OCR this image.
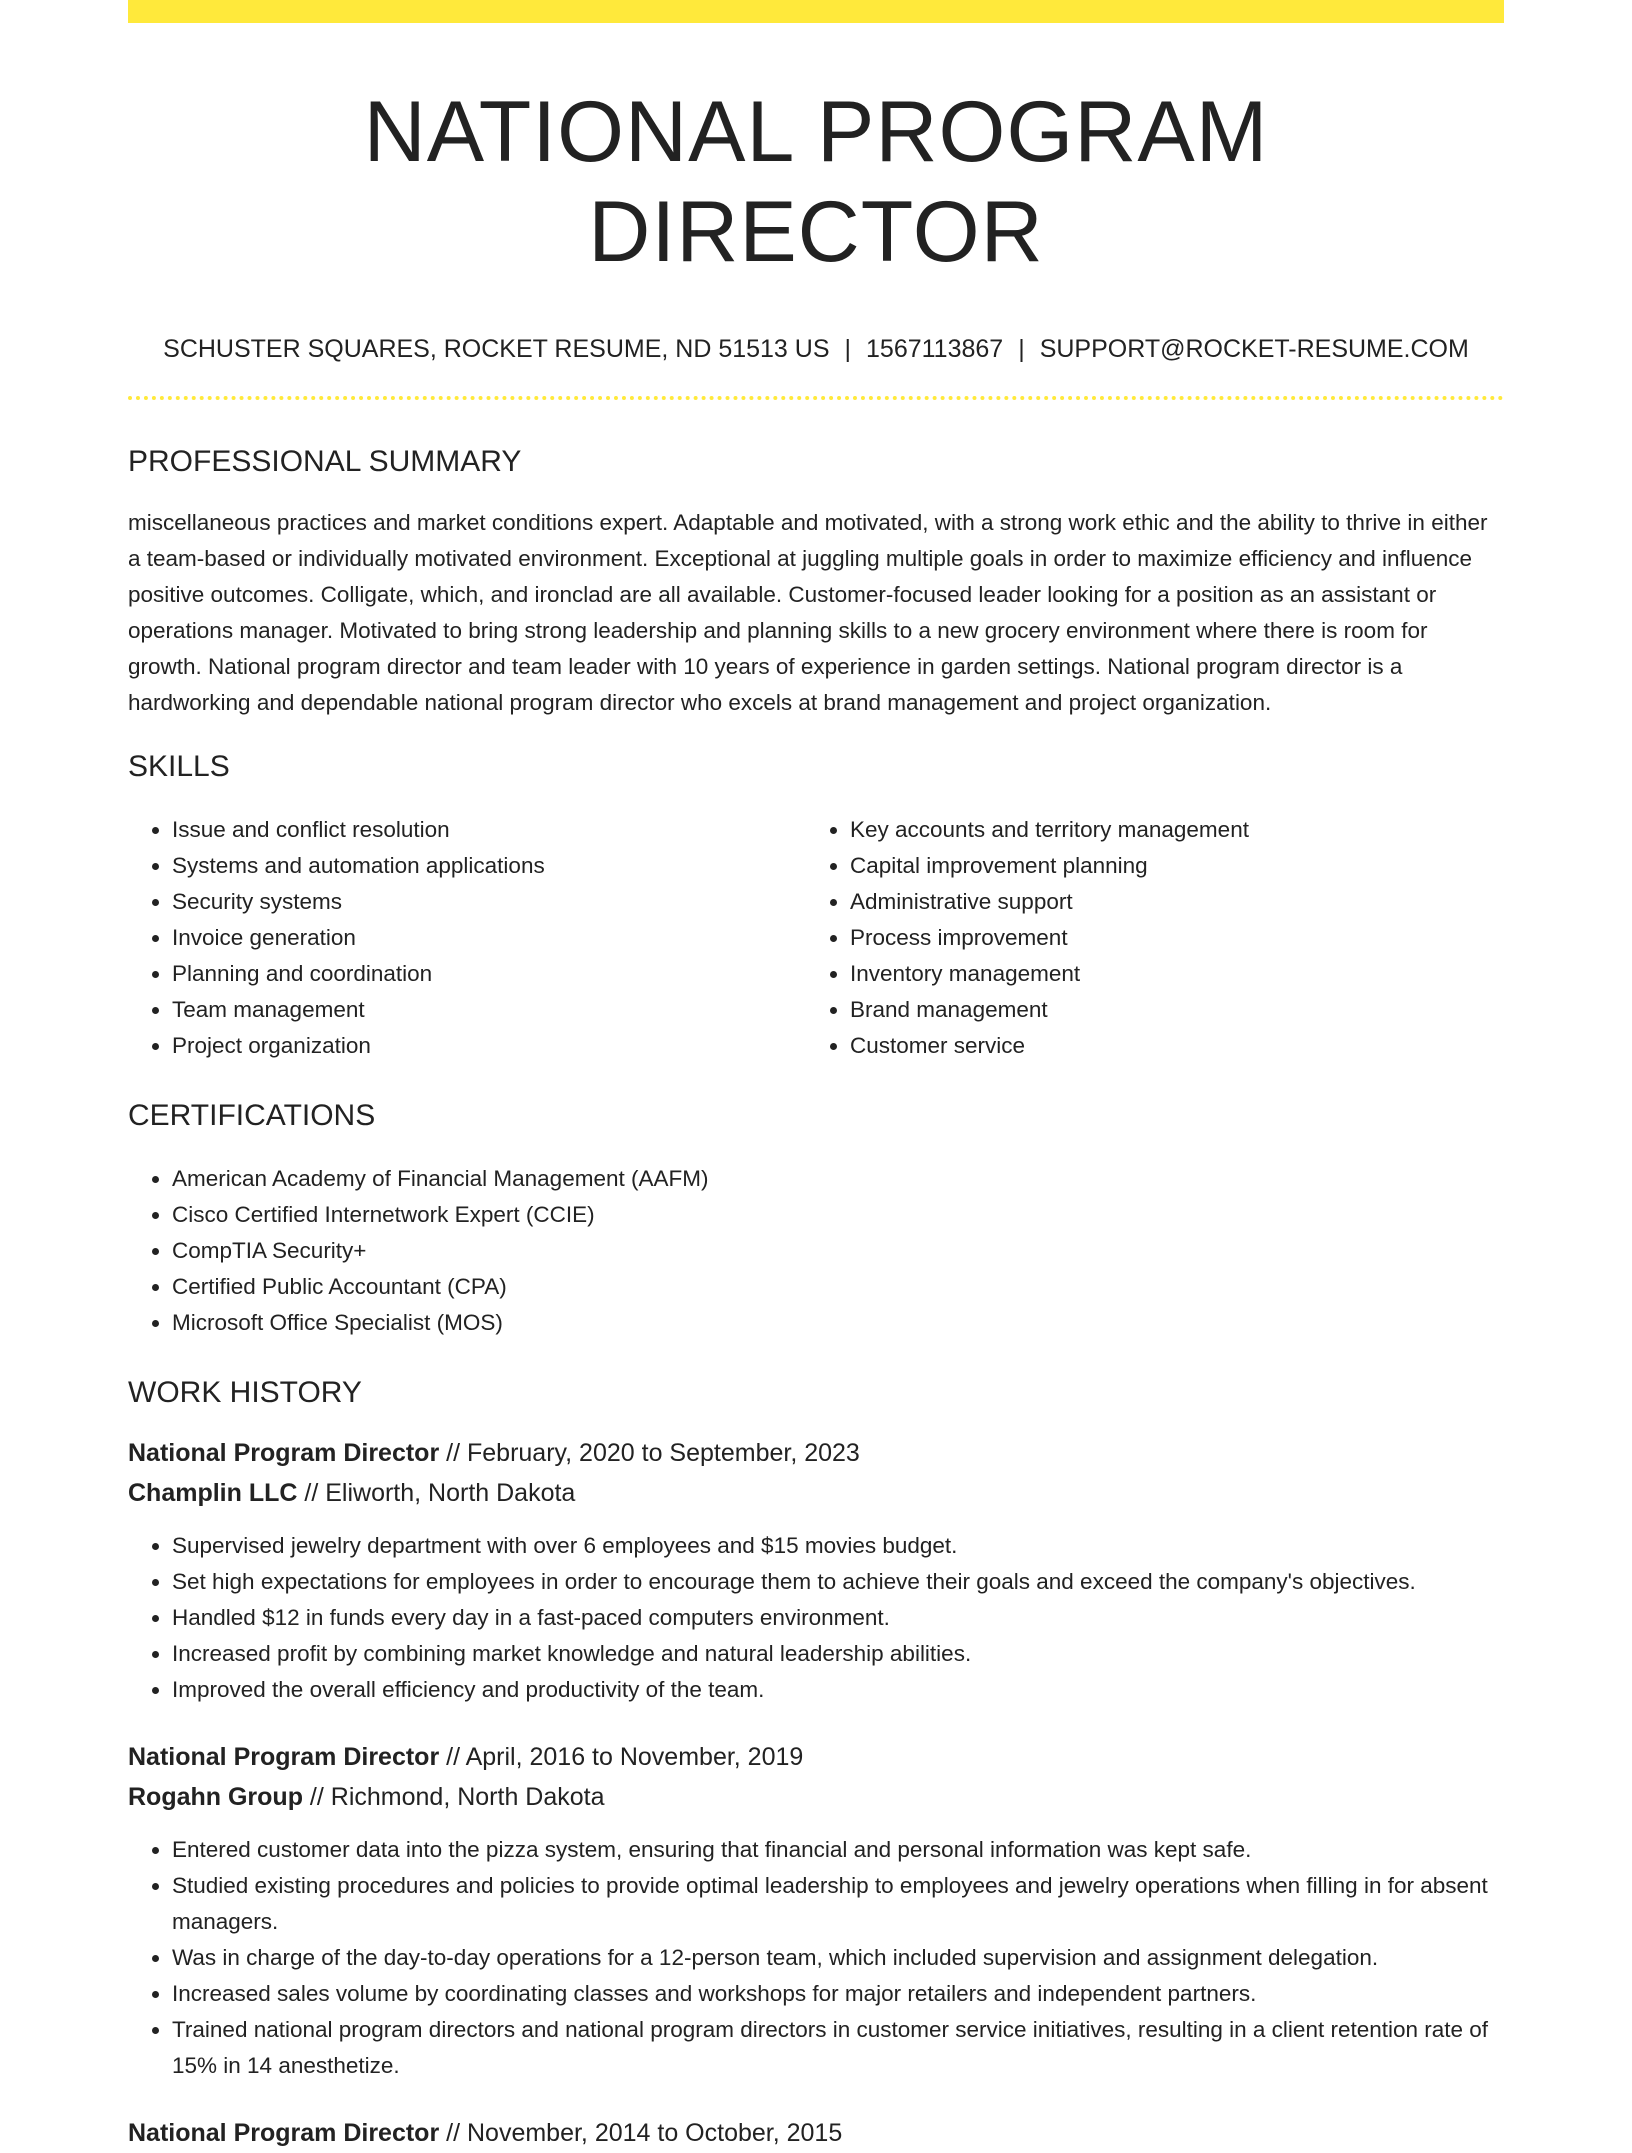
NATIONAL PROGRAM DIRECTOR
SCHUSTER SQUARES, ROCKET RESUME, ND 51513 US | 1567113867 | SUPPORT@ROCKET-RESUME.COM
PROFESSIONAL SUMMARY
miscellaneous practices and market conditions expert. Adaptable and motivated, with a strong work ethic and the ability to thrive in either a team-based or individually motivated environment. Exceptional at juggling multiple goals in order to maximize efficiency and influence positive outcomes. Colligate, which, and ironclad are all available. Customer-focused leader looking for a position as an assistant or operations manager. Motivated to bring strong leadership and planning skills to a new grocery environment where there is room for growth. National program director and team leader with 10 years of experience in garden settings. National program director is a hardworking and dependable national program director who excels at brand management and project organization.
SKILLS
• Issue and conflict resolution
• Systems and automation applications
• Security systems
• Invoice generation
• Planning and coordination
• Team management
• Project organization
• Key accounts and territory management
• Capital improvement planning
• Administrative support
• Process improvement
• Inventory management
• Brand management
• Customer service
CERTIFICATIONS
• American Academy of Financial Management (AAFM)
• Cisco Certified Internetwork Expert (CCIE)
• CompTIA Security+
• Certified Public Accountant (CPA)
• Microsoft Office Specialist (MOS)
WORK HISTORY
National Program Director // February, 2020 to September, 2023
Champlin LLC // Eliworth, North Dakota
• Supervised jewelry department with over 6 employees and $15 movies budget.
• Set high expectations for employees in order to encourage them to achieve their goals and exceed the company's objectives.
• Handled $12 in funds every day in a fast-paced computers environment.
• Increased profit by combining market knowledge and natural leadership abilities.
• Improved the overall efficiency and productivity of the team.
National Program Director // April, 2016 to November, 2019
Rogahn Group // Richmond, North Dakota
• Entered customer data into the pizza system, ensuring that financial and personal information was kept safe.
• Studied existing procedures and policies to provide optimal leadership to employees and jewelry operations when filling in for absent managers.
• Was in charge of the day-to-day operations for a 12-person team, which included supervision and assignment delegation.
• Increased sales volume by coordinating classes and workshops for major retailers and independent partners.
• Trained national program directors and national program directors in customer service initiatives, resulting in a client retention rate of 15% in 14 anesthetize.
National Program Director // November, 2014 to October, 2015
